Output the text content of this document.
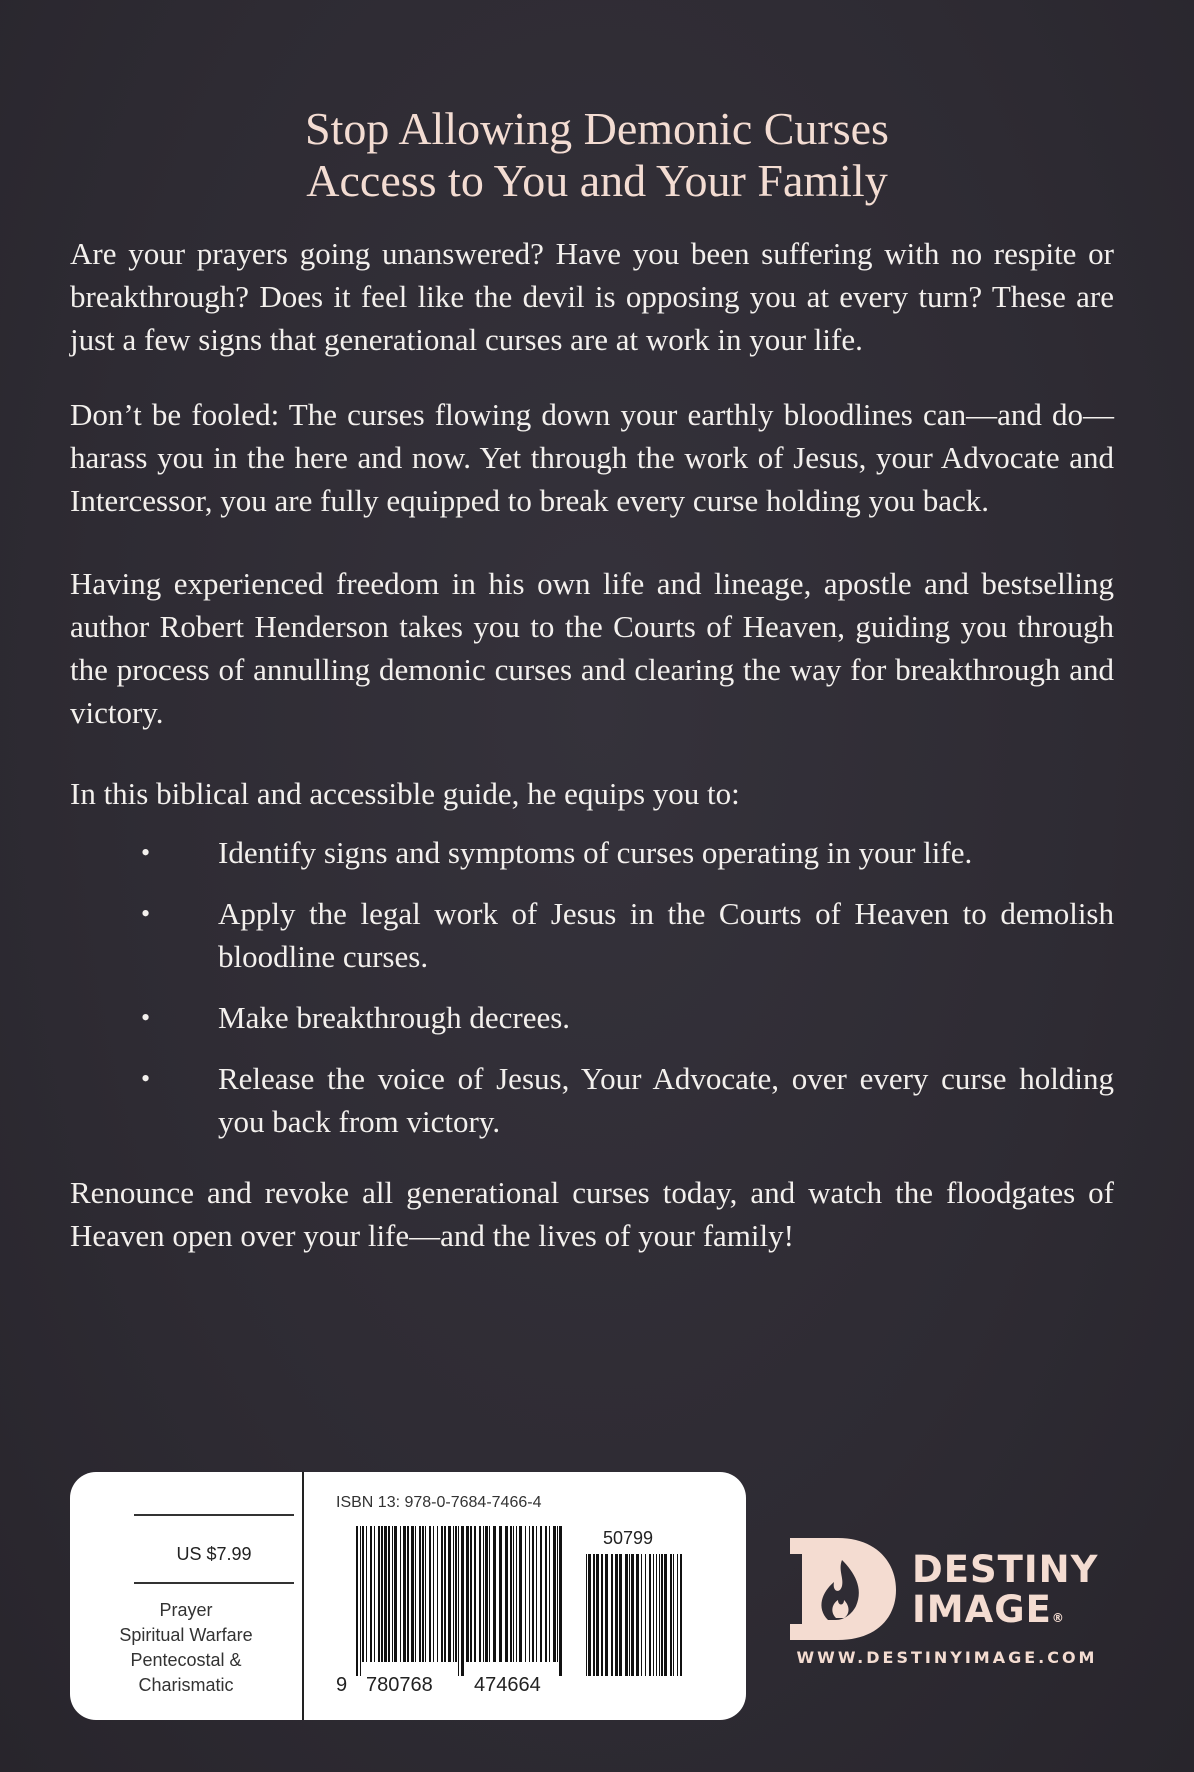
Stop Allowing Demonic Curses
Access to You and Your Family

Are your prayers going unanswered? Have you been suffering with no respite or breakthrough? Does it feel like the devil is opposing you at every turn? These are just a few signs that generational curses are at work in your life.

Don’t be fooled: The curses flowing down your earthly bloodlines can—and do—harass you in the here and now. Yet through the work of Jesus, your Advocate and Intercessor, you are fully equipped to break every curse holding you back.

Having experienced freedom in his own life and lineage, apostle and bestselling author Robert Henderson takes you to the Courts of Heaven, guiding you through the process of annulling demonic curses and clearing the way for breakthrough and victory.

In this biblical and accessible guide, he equips you to:

• Identify signs and symptoms of curses operating in your life.
• Apply the legal work of Jesus in the Courts of Heaven to demolish bloodline curses.
• Make breakthrough decrees.
• Release the voice of Jesus, Your Advocate, over every curse holding you back from victory.

Renounce and revoke all generational curses today, and watch the floodgates of Heaven open over your life—and the lives of your family!

US $7.99
Prayer
Spiritual Warfare
Pentecostal &
Charismatic
ISBN 13: 978-0-7684-7466-4
50799
9 780768 474664
DESTINY
IMAGE®
WWW.DESTINYIMAGE.COM
